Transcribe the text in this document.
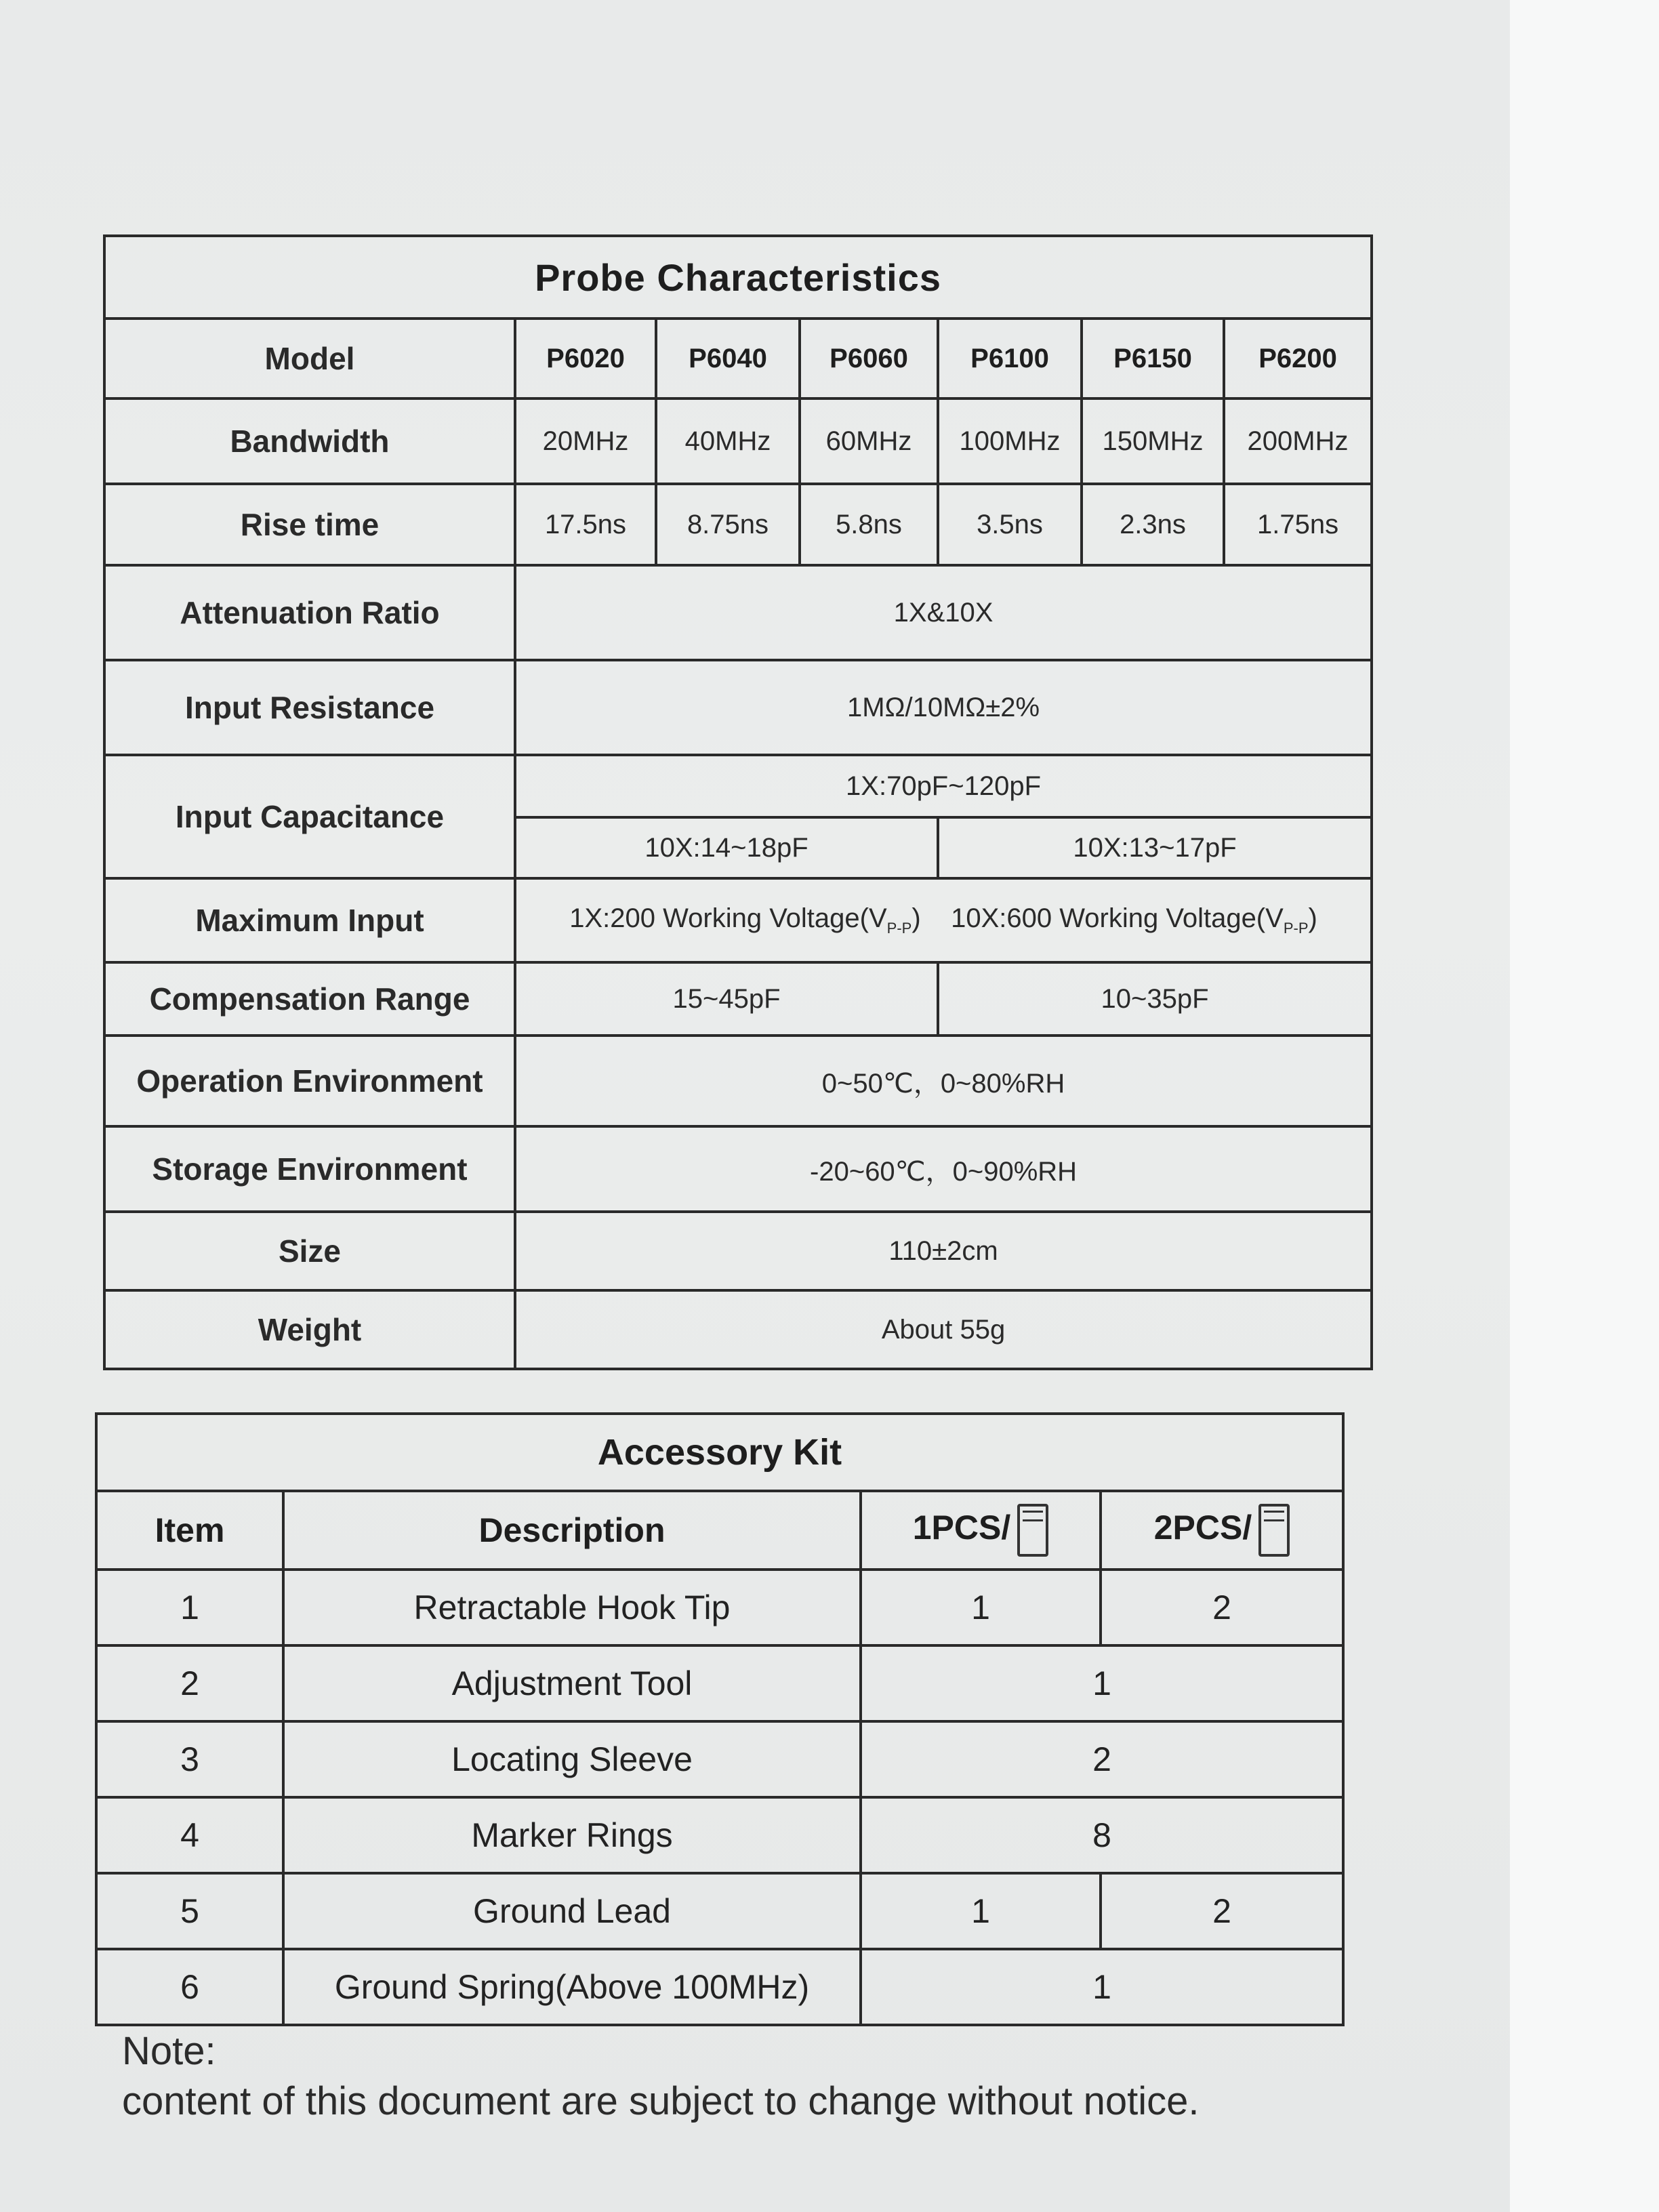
Probe Characteristics						
Model	P6020	P6040	P6060	P6100	P6150	P6200
Bandwidth	20MHz	40MHz	60MHz	100MHz	150MHz	200MHz
Rise time	17.5ns	8.75ns	5.8ns	3.5ns	2.3ns	1.75ns
Attenuation Ratio	1X&10X					
Input Resistance	1MΩ/10MΩ±2%					
Input Capacitance	1X:70pF~120pF					
	10X:14~18pF			10X:13~17pF		
Maximum Input	1X:200 Working $Voltage(V_{P-P})$ 10X:600 Working $Voltage(V_{P-P})$					
Compensation Range	15~45pF			10~35pF		
Operation Environment	0~50℃，0~80%RH					
Storage Environment	-20~60℃，0~90%RH					
Size	110±2cm					
Weight	About 55g					
Accessory Kit			
Item	Description	1PCS/	2PCS/
1	Retractable Hook Tip	1	2
2	Adjustment Tool	1	
3	Locating Sleeve	2	
4	Marker Rings	8	
5	Ground Lead	1	2
6	Ground Spring(Above 100MHz)	1	
Note:
content of this document are subject to change without notice.
